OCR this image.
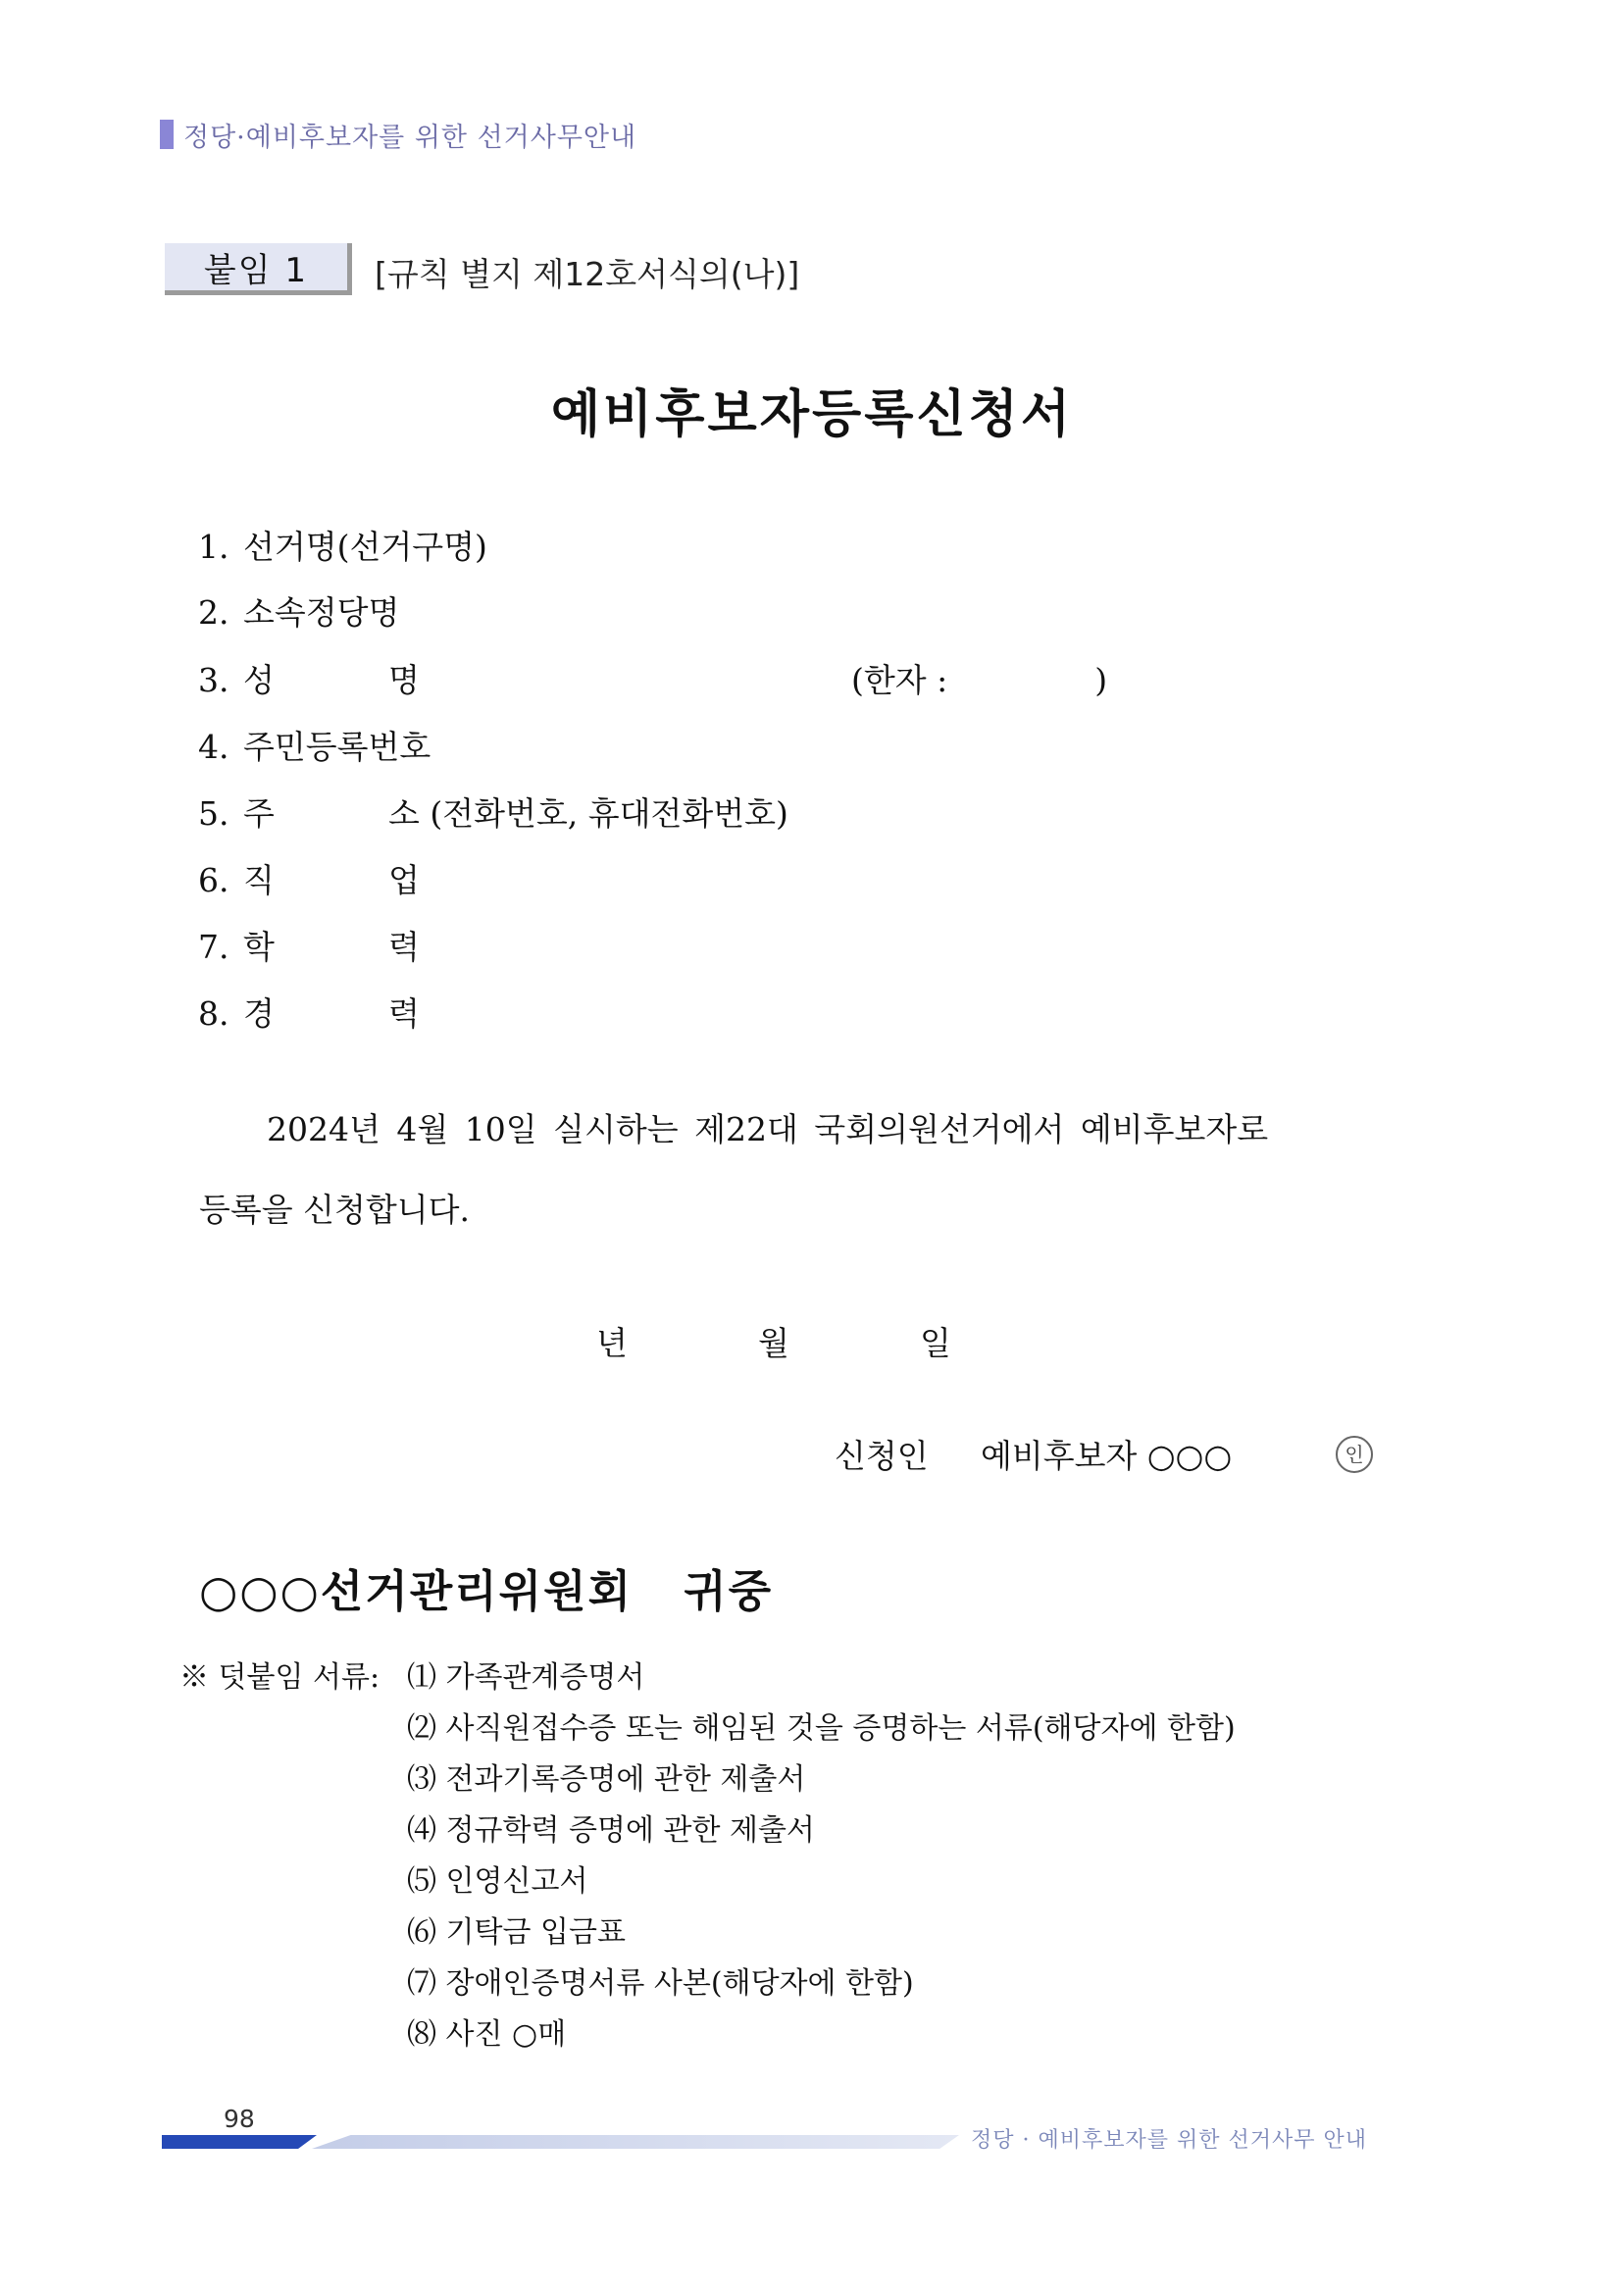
정당·예비후보자를 위한 선거사무안내
붙임 1	[규칙 별지 제12호서식의(나)]
예비후보자등록신청서
1. 선거명(선거구명)
2. 소속정당명
3. 성	명	(한자 :	)
4. 주민등록번호
5. 주	소 (전화번호, 휴대전화번호)
6. 직	업
7. 학	력
8. 경	력
2024년 4월 10일 실시하는 제22대 국회의원선거에서 예비후보자로
등록을 신청합니다.
년	월	일
신청인 예비후보자 ○○○	인
○○○선거관리위원회 귀중
※ 덧붙임 서류: ⑴ 가족관계증명서
⑵ 사직원접수증 또는 해임된 것을 증명하는 서류(해당자에 한함)
⑶ 전과기록증명에 관한 제출서
⑷ 정규학력 증명에 관한 제출서
⑸ 인영신고서
⑹ 기탁금 입금표
⑺ 장애인증명서류 사본(해당자에 한함)
⑻ 사진 ○매
98
정당 · 예비후보자를 위한 선거사무 안내
